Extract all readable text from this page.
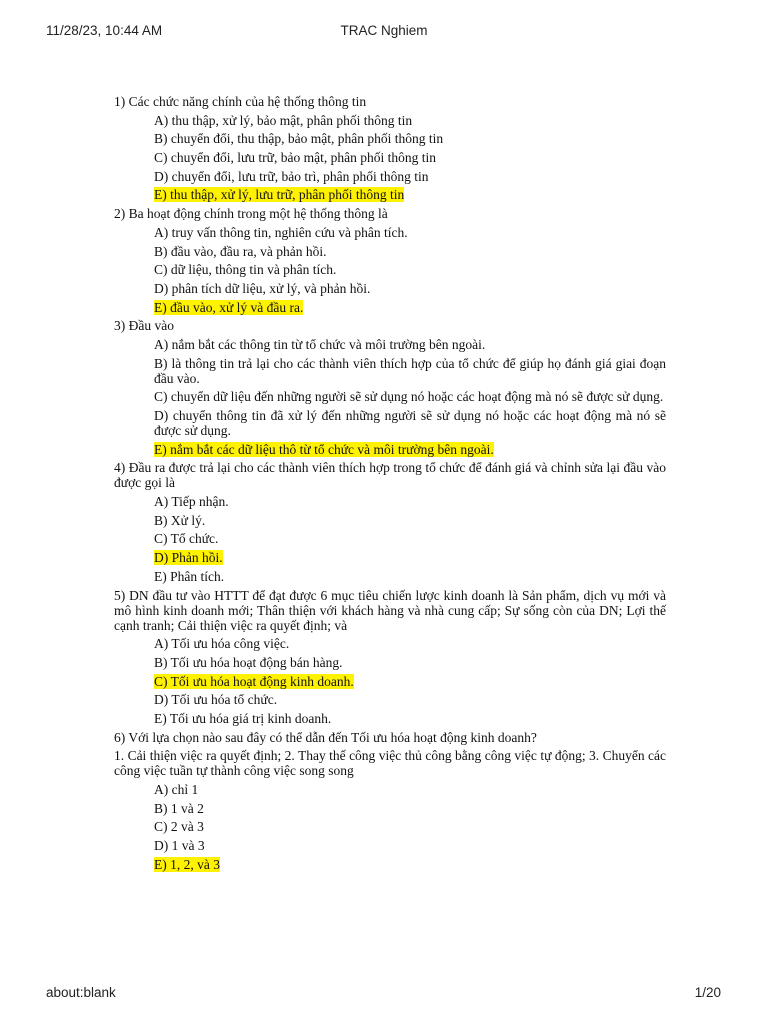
11/28/23, 10:44 AM	TRAC Nghiem
1) Các chức năng chính của hệ thống thông tin
A) thu thập, xử lý, bảo mật, phân phối thông tin
B) chuyển đổi, thu thập, bảo mật, phân phối thông tin
C) chuyển đổi, lưu trữ, bảo mật, phân phối thông tin
D) chuyển đổi, lưu trữ, bảo trì, phân phối thông tin
E) thu thập, xử lý, lưu trữ, phân phối thông tin
2) Ba hoạt động chính trong một hệ thống thông là
A) truy vấn thông tin, nghiên cứu và phân tích.
B) đầu vào, đầu ra, và phản hồi.
C) dữ liệu, thông tin và phân tích.
D) phân tích dữ liệu, xử lý, và phản hồi.
E) đầu vào, xử lý và đầu ra.
3) Đầu vào
A) nắm bắt các thông tin từ tổ chức và môi trường bên ngoài.
B) là thông tin trả lại cho các thành viên thích hợp của tổ chức để giúp họ đánh giá giai đoạn đầu vào.
C) chuyển dữ liệu đến những người sẽ sử dụng nó hoặc các hoạt động mà nó sẽ được sử dụng.
D) chuyển thông tin đã xử lý đến những người sẽ sử dụng nó hoặc các hoạt động mà nó sẽ được sử dụng.
E) nắm bắt các dữ liệu thô từ tổ chức và môi trường bên ngoài.
4) Đầu ra được trả lại cho các thành viên thích hợp trong tổ chức để đánh giá và chỉnh sửa lại đầu vào được gọi là
A) Tiếp nhận.
B) Xử lý.
C) Tổ chức.
D) Phản hồi.
E) Phân tích.
5) DN đầu tư vào HTTT để đạt được 6 mục tiêu chiến lược kinh doanh là Sản phẩm, dịch vụ mới và mô hình kinh doanh mới; Thân thiện với khách hàng và nhà cung cấp; Sự sống còn của DN; Lợi thế cạnh tranh; Cải thiện việc ra quyết định; và
A) Tối ưu hóa công việc.
B) Tối ưu hóa hoạt động bán hàng.
C) Tối ưu hóa hoạt động kinh doanh.
D) Tối ưu hóa tổ chức.
E) Tối ưu hóa giá trị kinh doanh.
6) Với lựa chọn nào sau đây có thể dẫn đến Tối ưu hóa hoạt động kinh doanh?
1. Cải thiện việc ra quyết định; 2. Thay thế công việc thủ công bằng công việc tự động; 3. Chuyển các công việc tuần tự thành công việc song song
A) chỉ 1
B) 1 và 2
C) 2 và 3
D) 1 và 3
E) 1, 2, và 3
about:blank	1/20
